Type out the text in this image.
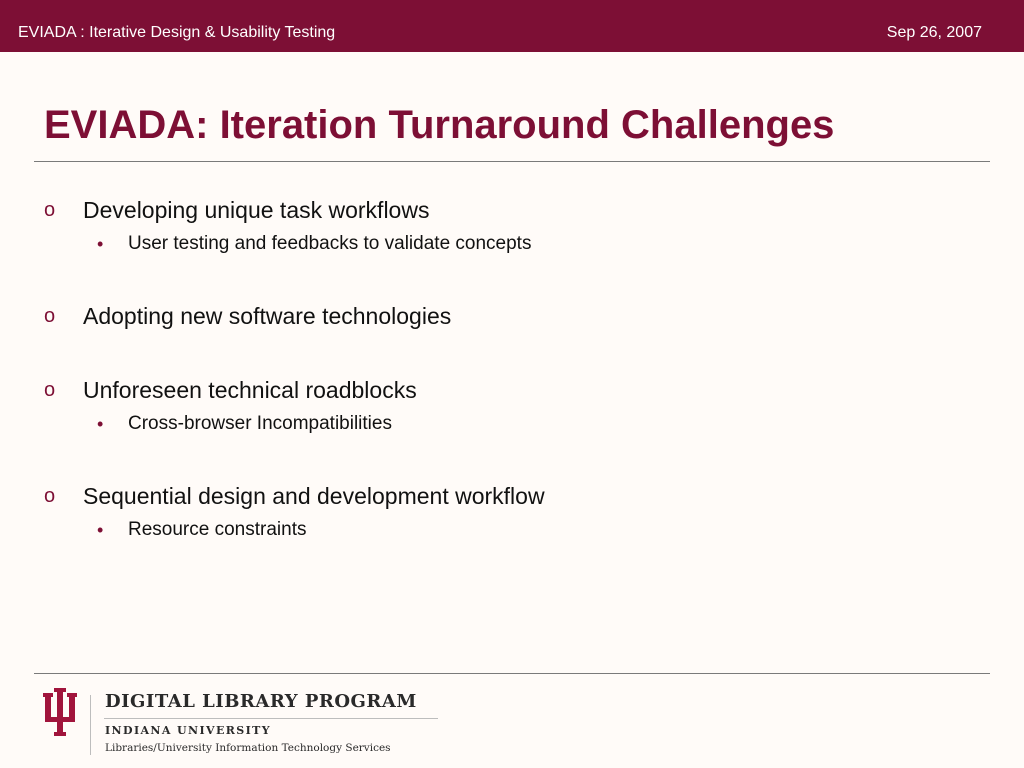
EVIADA : Iterative Design & Usability Testing	Sep 26, 2007
EVIADA: Iteration Turnaround Challenges
o Developing unique task workflows
• User testing and feedbacks to validate concepts
o Adopting new software technologies
o Unforeseen technical roadblocks
• Cross-browser Incompatibilities
o Sequential design and development workflow
• Resource constraints
DIGITAL LIBRARY PROGRAM
INDIANA UNIVERSITY
Libraries/University Information Technology Services
